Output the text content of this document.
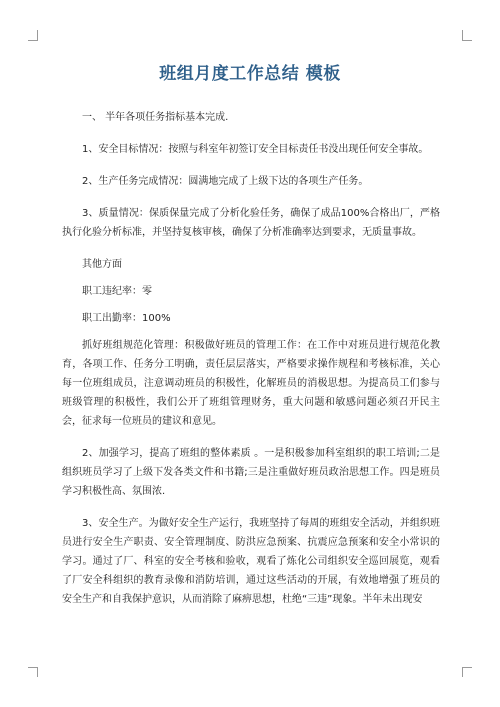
班组月度工作总结 模板

一、 半年各项任务指标基本完成.

1、安全目标情况：按照与科室年初签订安全目标责任书没出现任何安全事故。

2、生产任务完成情况：圆满地完成了上级下达的各项生产任务。

3、质量情况：保质保量完成了分析化验任务，确保了成品100%合格出厂，严格执行化验分析标准，并坚持复核审核，确保了分析准确率达到要求，无质量事故。

其他方面

职工违纪率：零

职工出勤率：100%

抓好班组规范化管理：积极做好班员的管理工作：在工作中对班员进行规范化教育，各项工作、任务分工明确，责任层层落实，严格要求操作规程和考核标准，关心每一位班组成员，注意调动班员的积极性，化解班员的消极思想。为提高员工们参与班级管理的积极性，我们公开了班组管理财务，重大问题和敏感问题必须召开民主会，征求每一位班员的建议和意见。

2、加强学习，提高了班组的整体素质 。一是积极参加科室组织的职工培训;二是组织班员学习了上级下发各类文件和书籍;三是注重做好班员政治思想工作。四是班员学习积极性高、氛围浓.

3、安全生产。为做好安全生产运行，我班坚持了每周的班组安全活动，并组织班员进行安全生产职责、安全管理制度、防洪应急预案、抗震应急预案和安全小常识的学习。通过了厂、科室的安全考核和验收，观看了炼化公司组织安全巡回展览，观看了厂安全科组织的教育录像和消防培训，通过这些活动的开展，有效地增强了班员的安全生产和自我保护意识，从而消除了麻痹思想，杜绝“三违”现象。半年未出现安
